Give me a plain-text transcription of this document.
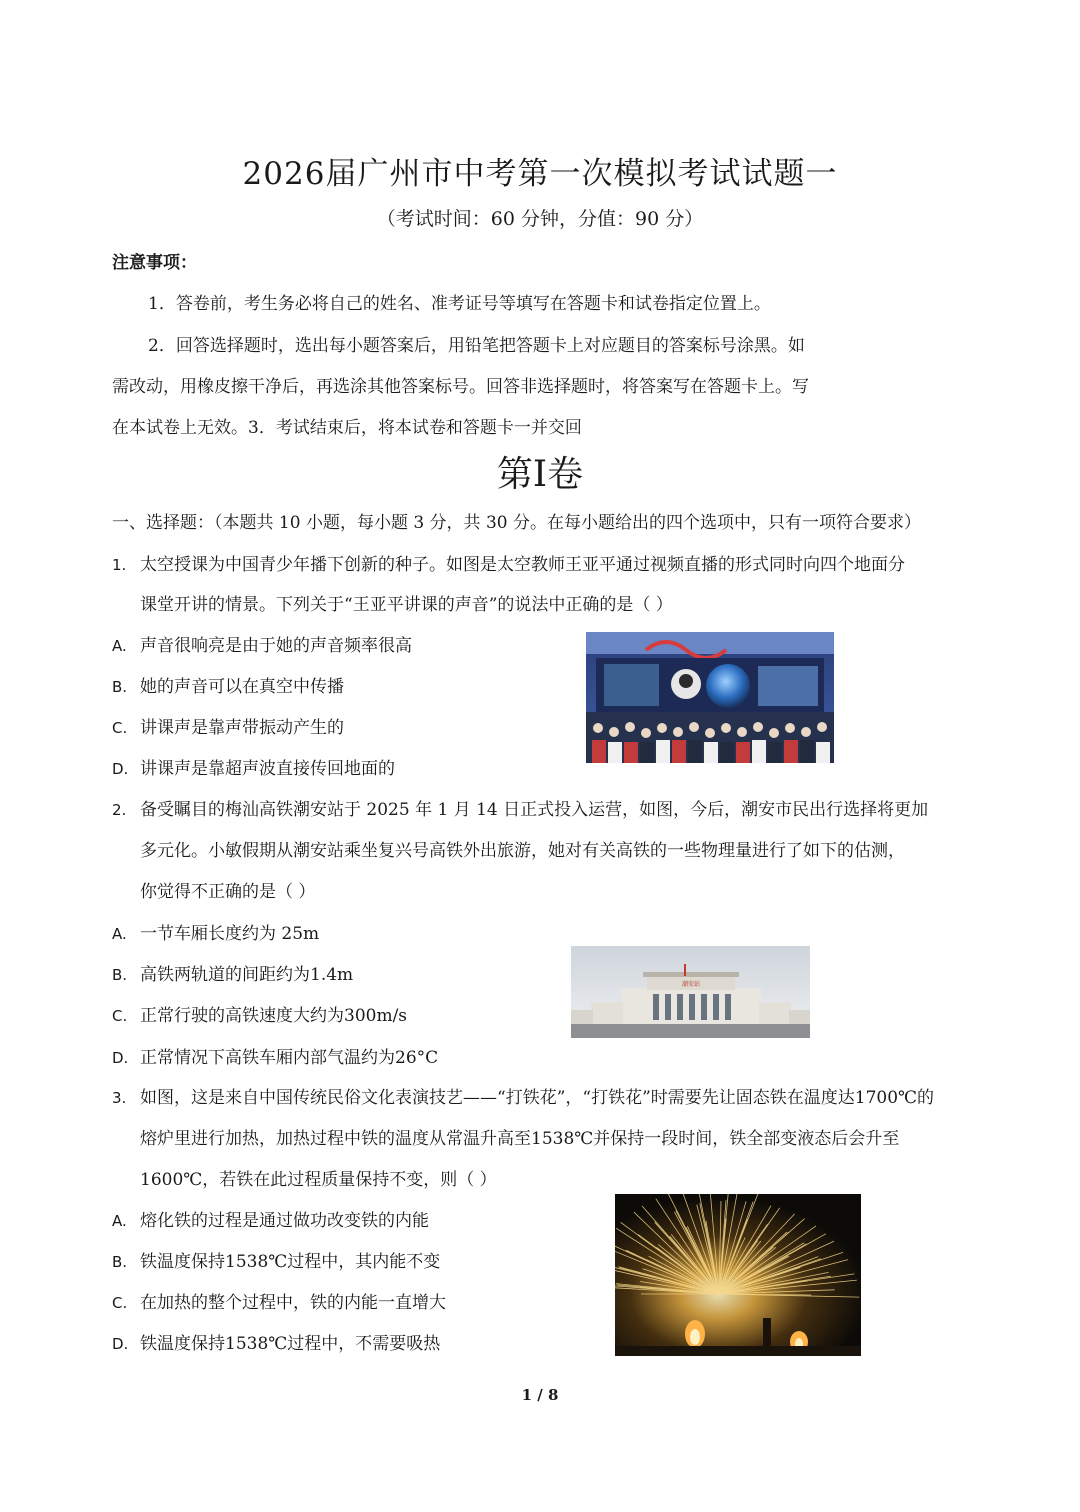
2026届广州市中考第一次模拟考试试题一
（考试时间：60 分钟，分值：90 分）
注意事项：
1．答卷前，考生务必将自己的姓名、准考证号等填写在答题卡和试卷指定位置上。
2．回答选择题时，选出每小题答案后，用铅笔把答题卡上对应题目的答案标号涂黑。如
需改动，用橡皮擦干净后，再选涂其他答案标号。回答非选择题时，将答案写在答题卡上。写
在本试卷上无效。3．考试结束后，将本试卷和答题卡一并交回
第I卷
一、选择题：（本题共 10 小题，每小题 3 分，共 30 分。在每小题给出的四个选项中，只有一项符合要求）
1. 太空授课为中国青少年播下创新的种子。如图是太空教师王亚平通过视频直播的形式同时向四个地面分
课堂开讲的情景。下列关于“王亚平讲课的声音”的说法中正确的是（ ）
A. 声音很响亮是由于她的声音频率很高
B. 她的声音可以在真空中传播
C. 讲课声是靠声带振动产生的
D. 讲课声是靠超声波直接传回地面的
2. 备受瞩目的梅汕高铁潮安站于 2025 年 1 月 14 日正式投入运营，如图，今后，潮安市民出行选择将更加
多元化。小敏假期从潮安站乘坐复兴号高铁外出旅游，她对有关高铁的一些物理量进行了如下的估测，
你觉得不正确的是（ ）
A. 一节车厢长度约为 25m
B. 高铁两轨道的间距约为1.4m
C. 正常行驶的高铁速度大约为300m/s
D. 正常情况下高铁车厢内部气温约为26°C
潮安站
3. 如图，这是来自中国传统民俗文化表演技艺——“打铁花”，“打铁花”时需要先让固态铁在温度达1700℃的
熔炉里进行加热，加热过程中铁的温度从常温升高至1538℃并保持一段时间，铁全部变液态后会升至
1600℃，若铁在此过程质量保持不变，则（ ）
A. 熔化铁的过程是通过做功改变铁的内能
B. 铁温度保持1538℃过程中，其内能不变
C. 在加热的整个过程中，铁的内能一直增大
D. 铁温度保持1538℃过程中，不需要吸热
1 / 8
